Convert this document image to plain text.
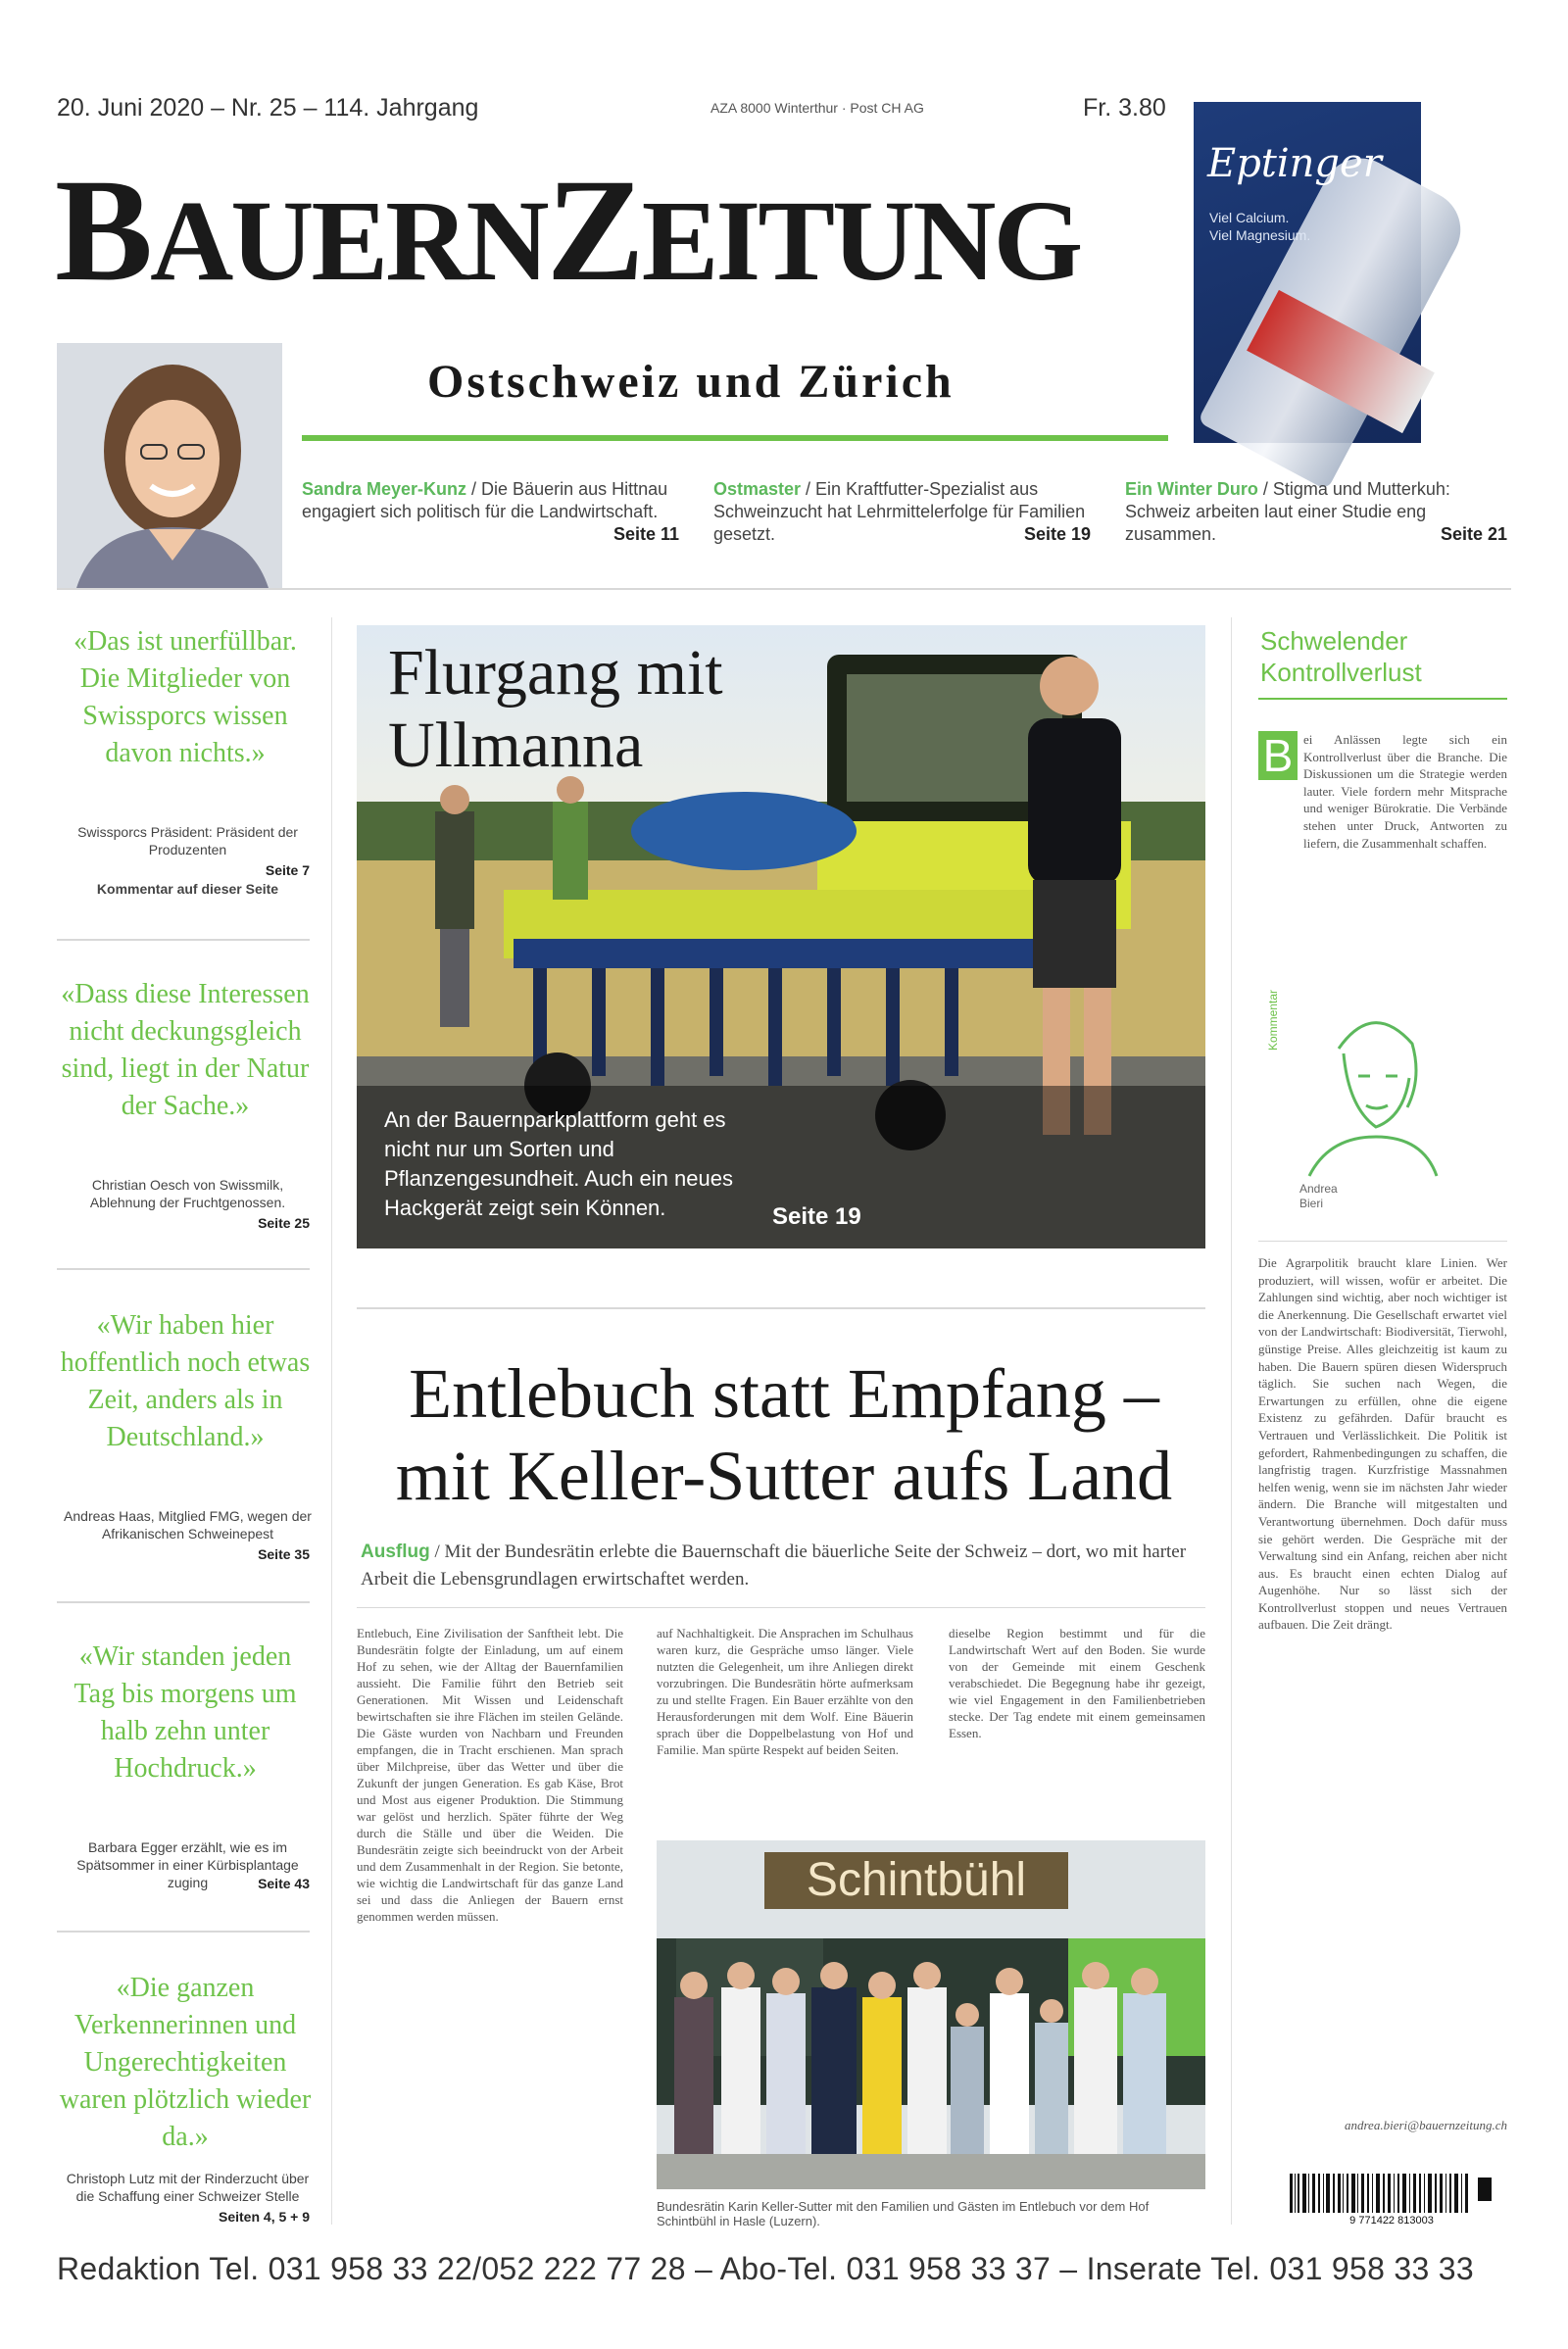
20. Juni 2020 – Nr. 25 – 114. Jahrgang	AZA 8000 Winterthur · Post CH AG	Fr. 3.80
BAUERNZEITUNG
Ostschweiz und Zürich
Eptinger
Viel Calcium.
Viel Magnesium.
Sandra Meyer-Kunz / Die Bäuerin aus Hittnau engagiert sich politisch für die Landwirtschaft.
Seite 11
Ostmaster / Ein Kraftfutter-Spezialist aus Schweinzucht hat Lehrmittelerfolge für Familien gesetzt.	Seite 19
Ein Winter Duro / Stigma und Mutterkuh: Schweiz arbeiten laut einer Studie eng zusammen.	Seite 21
«Das ist unerfüllbar. Die Mitglieder von Swissporcs wissen davon nichts.»
Swissporcs Präsident: Präsident der Produzenten
Seite 7
Kommentar auf dieser Seite
«Dass diese Interessen nicht deckungsgleich sind, liegt in der Natur der Sache.»
Christian Oesch von Swissmilk, Ablehnung der Fruchtgenossen.
Seite 25
«Wir haben hier hoffentlich noch etwas Zeit, anders als in Deutschland.»
Andreas Haas, Mitglied FMG, wegen der Afrikanischen Schweinepest
Seite 35
«Wir standen jeden Tag bis morgens um halb zehn unter Hochdruck.»
Barbara Egger erzählt, wie es im Spätsommer in einer Kürbisplantage zuging	Seite 43
«Die ganzen Verkennerinnen und Ungerechtigkeiten waren plötzlich wieder da.»
Christoph Lutz mit der Rinderzucht über die Schaffung einer Schweizer Stelle
Seiten 4, 5 + 9
Flurgang mit
Ullmanna
An der Bauernparkplattform geht es nicht nur um Sorten und Pflanzengesundheit. Auch ein neues Hackgerät zeigt sein Können.	Seite 19
Entlebuch statt Empfang –
mit Keller-Sutter aufs Land
Ausflug / Mit der Bundesrätin erlebte die Bauernschaft die bäuerliche Seite der Schweiz – dort, wo mit harter Arbeit die Lebensgrundlagen erwirtschaftet werden.
Entlebuch, Eine Zivilisation der Sanftheit lebt. Die Bundesrätin folgte der Einladung, um auf einem Hof zu sehen, wie der Alltag der Bauernfamilien aussieht. Die Familie führt den Betrieb seit Generationen. Mit Wissen und Leidenschaft bewirtschaften sie ihre Flächen im steilen Gelände. Die Gäste wurden von Nachbarn und Freunden empfangen, die in Tracht erschienen. Man sprach über Milchpreise, über das Wetter und über die Zukunft der jungen Generation. Es gab Käse, Brot und Most aus eigener Produktion. Die Stimmung war gelöst und herzlich. Später führte der Weg durch die Ställe und über die Weiden. Die Bundesrätin zeigte sich beeindruckt von der Arbeit und dem Zusammenhalt in der Region. Sie betonte, wie wichtig die Landwirtschaft für das ganze Land sei und dass die Anliegen der Bauern ernst genommen werden müssen.
auf Nachhaltigkeit. Die Ansprachen im Schulhaus waren kurz, die Gespräche umso länger. Viele nutzten die Gelegenheit, um ihre Anliegen direkt vorzubringen. Die Bundesrätin hörte aufmerksam zu und stellte Fragen. Ein Bauer erzählte von den Herausforderungen mit dem Wolf. Eine Bäuerin sprach über die Doppelbelastung von Hof und Familie. Man spürte Respekt auf beiden Seiten.
dieselbe Region bestimmt und für die Landwirtschaft Wert auf den Boden. Sie wurde von der Gemeinde mit einem Geschenk verabschiedet. Die Begegnung habe ihr gezeigt, wie viel Engagement in den Familienbetrieben stecke. Der Tag endete mit einem gemeinsamen Essen.
Schintbühl
Bundesrätin Karin Keller-Sutter mit den Familien und Gästen im Entlebuch vor dem Hof Schintbühl in Hasle (Luzern).
Schwelender Kontrollverlust
B ei Anlässen legte sich ein Kontrollverlust über die Branche. Die Diskussionen um die Strategie werden lauter. Viele fordern mehr Mitsprache und weniger Bürokratie. Die Verbände stehen unter Druck, Antworten zu liefern, die Zusammenhalt schaffen.
Kommentar
Andrea
Bieri
Die Agrarpolitik braucht klare Linien. Wer produziert, will wissen, wofür er arbeitet. Die Zahlungen sind wichtig, aber noch wichtiger ist die Anerkennung. Die Gesellschaft erwartet viel von der Landwirtschaft: Biodiversität, Tierwohl, günstige Preise. Alles gleichzeitig ist kaum zu haben. Die Bauern spüren diesen Widerspruch täglich. Sie suchen nach Wegen, die Erwartungen zu erfüllen, ohne die eigene Existenz zu gefährden. Dafür braucht es Vertrauen und Verlässlichkeit. Die Politik ist gefordert, Rahmenbedingungen zu schaffen, die langfristig tragen. Kurzfristige Massnahmen helfen wenig, wenn sie im nächsten Jahr wieder ändern. Die Branche will mitgestalten und Verantwortung übernehmen. Doch dafür muss sie gehört werden. Die Gespräche mit der Verwaltung sind ein Anfang, reichen aber nicht aus. Es braucht einen echten Dialog auf Augenhöhe. Nur so lässt sich der Kontrollverlust stoppen und neues Vertrauen aufbauen. Die Zeit drängt.
andrea.bieri@bauernzeitung.ch
9 771422 813003
Redaktion Tel. 031 958 33 22/052 222 77 28 – Abo-Tel. 031 958 33 37 – Inserate Tel. 031 958 33 33
